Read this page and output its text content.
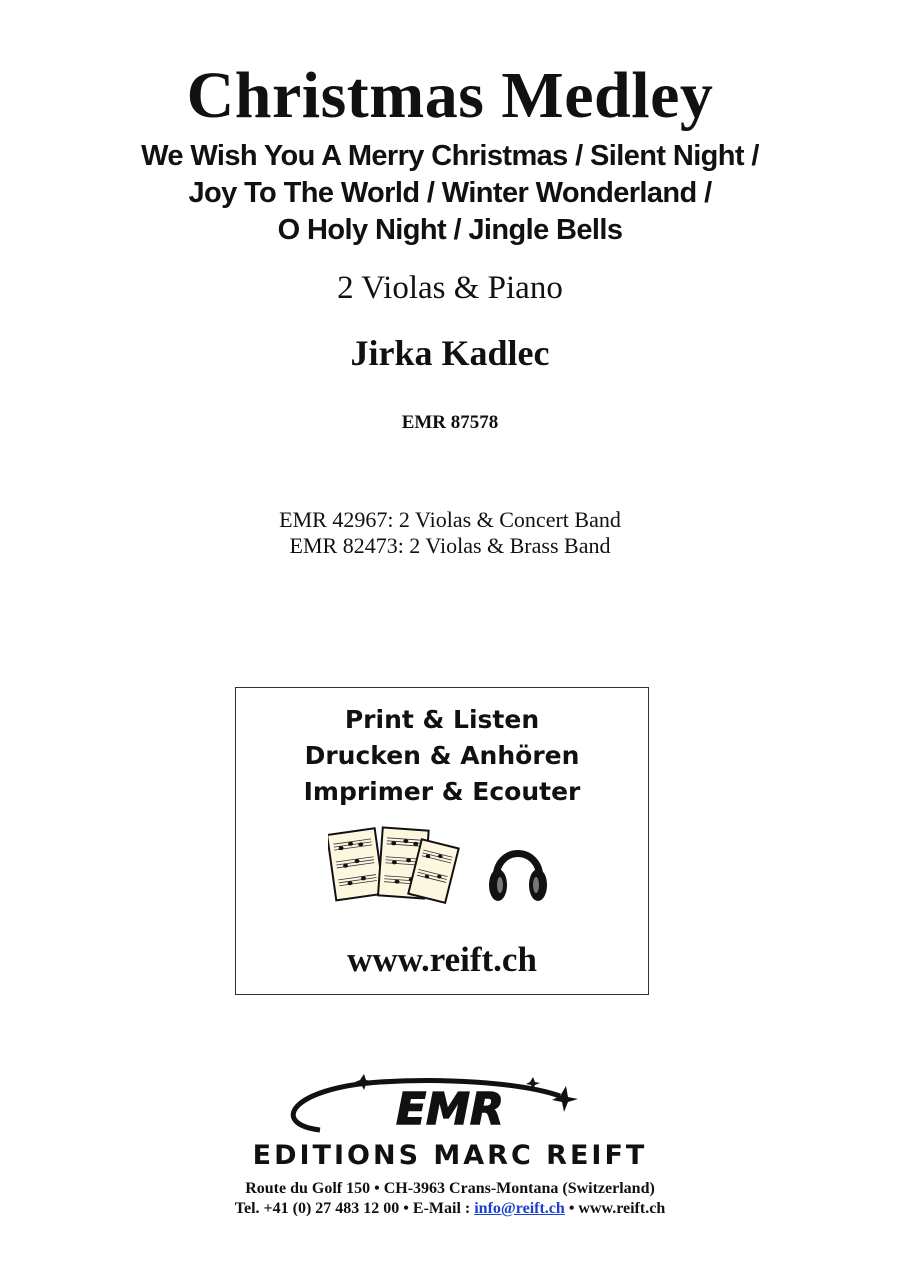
Christmas Medley
We Wish You A Merry Christmas / Silent Night /
Joy To The World / Winter Wonderland /
O Holy Night / Jingle Bells
2 Violas & Piano
Jirka Kadlec
EMR 87578
EMR 42967: 2 Violas & Concert Band
EMR 82473: 2 Violas & Brass Band
Print & Listen
Drucken & Anhören
Imprimer & Ecouter
www.reift.ch
EMR
EDITIONS MARC REIFT
Route du Golf 150 • CH-3963 Crans-Montana (Switzerland)
Tel. +41 (0) 27 483 12 00 • E-Mail : info@reift.ch • www.reift.ch
